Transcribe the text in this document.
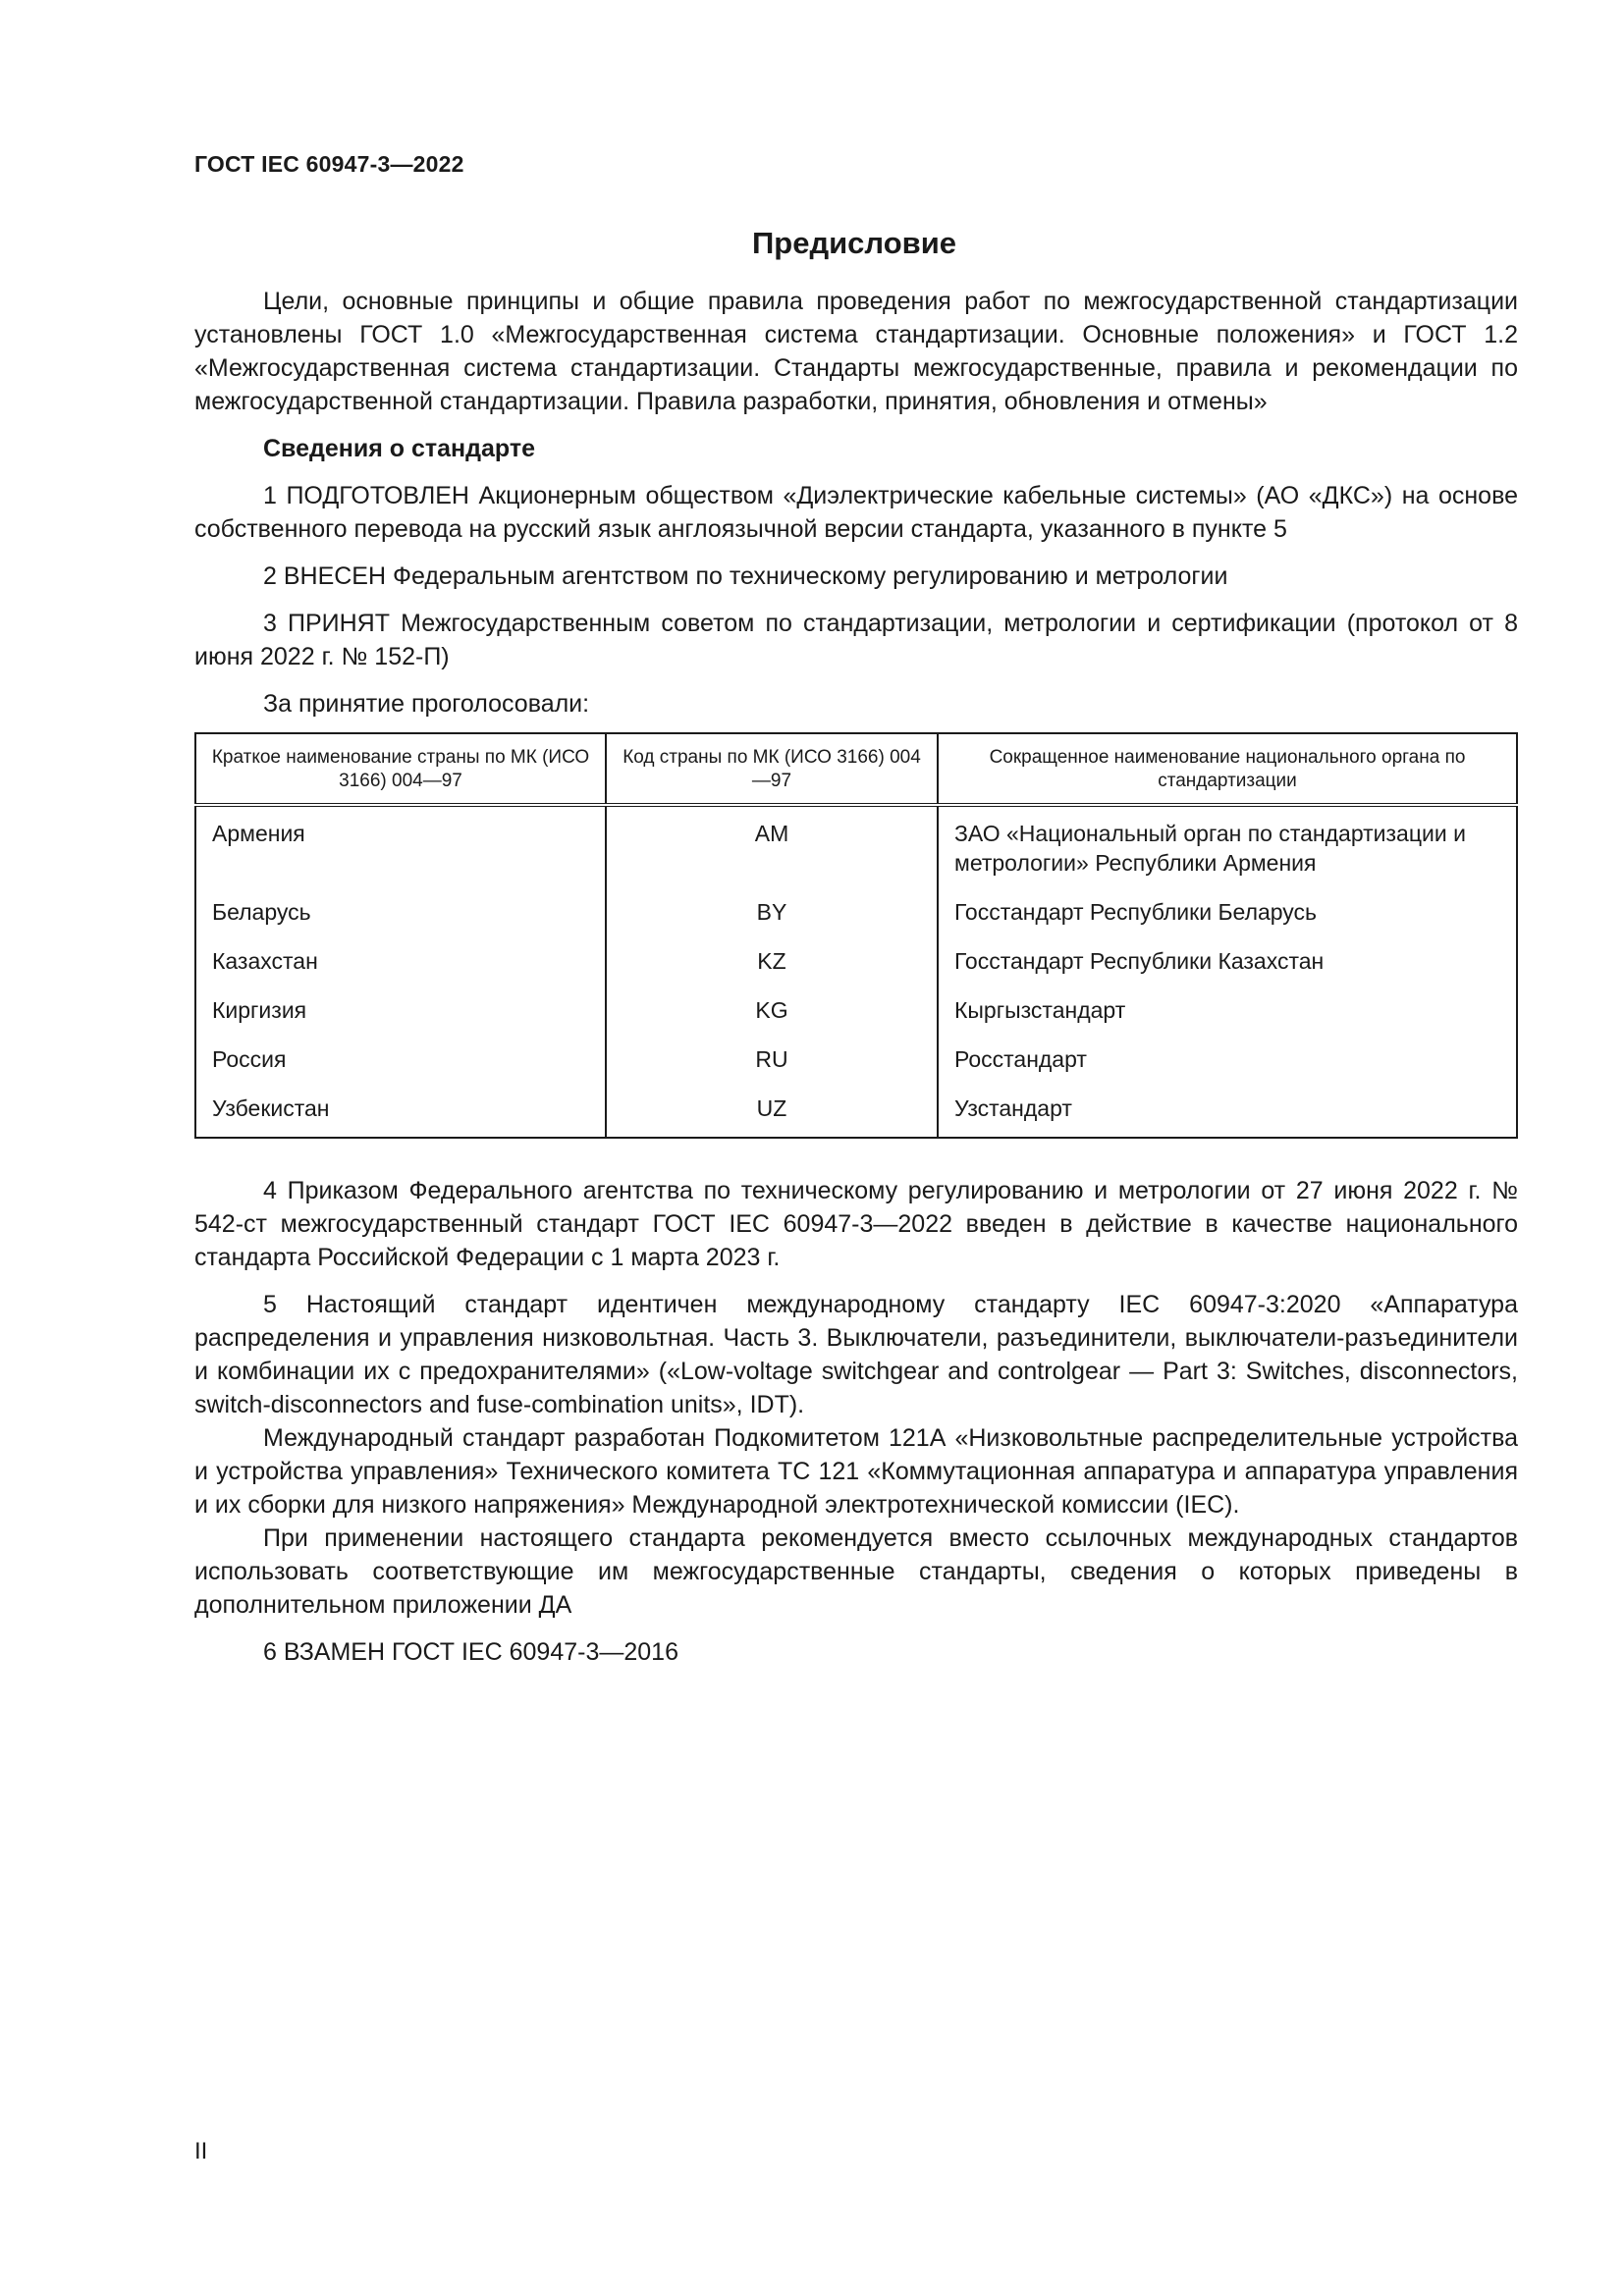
ГОСТ IEC 60947-3—2022
Предисловие

Цели, основные принципы и общие правила проведения работ по межгосударственной стандартизации установлены ГОСТ 1.0 «Межгосударственная система стандартизации. Основные положения» и ГОСТ 1.2 «Межгосударственная система стандартизации. Стандарты межгосударственные, правила и рекомендации по межгосударственной стандартизации. Правила разработки, принятия, обновления и отмены»

Сведения о стандарте

1 ПОДГОТОВЛЕН Акционерным обществом «Диэлектрические кабельные системы» (АО «ДКС») на основе собственного перевода на русский язык англоязычной версии стандарта, указанного в пункте 5

2 ВНЕСЕН Федеральным агентством по техническому регулированию и метрологии

3 ПРИНЯТ Межгосударственным советом по стандартизации, метрологии и сертификации (протокол от 8 июня 2022 г. № 152-П)

За принятие проголосовали:

Краткое наименование страны по МК (ИСО 3166) 004—97	Код страны по МК (ИСО 3166) 004—97	Сокращенное наименование национального органа по стандартизации
Армения	AM	ЗАО «Национальный орган по стандартизации и метрологии» Республики Армения
Беларусь	BY	Госстандарт Республики Беларусь
Казахстан	KZ	Госстандарт Республики Казахстан
Киргизия	KG	Кыргызстандарт
Россия	RU	Росстандарт
Узбекистан	UZ	Узстандарт

4 Приказом Федерального агентства по техническому регулированию и метрологии от 27 июня 2022 г. № 542-ст межгосударственный стандарт ГОСТ IEC 60947-3—2022 введен в действие в качестве национального стандарта Российской Федерации с 1 марта 2023 г.

5 Настоящий стандарт идентичен международному стандарту IEC 60947-3:2020 «Аппаратура распределения и управления низковольтная. Часть 3. Выключатели, разъединители, выключатели-разъединители и комбинации их с предохранителями» («Low-voltage switchgear and controlgear — Part 3: Switches, disconnectors, switch-disconnectors and fuse-combination units», IDT).

Международный стандарт разработан Подкомитетом 121А «Низковольтные распределительные устройства и устройства управления» Технического комитета ТС 121 «Коммутационная аппаратура и аппаратура управления и их сборки для низкого напряжения» Международной электротехнической комиссии (IEC).

При применении настоящего стандарта рекомендуется вместо ссылочных международных стандартов использовать соответствующие им межгосударственные стандарты, сведения о которых приведены в дополнительном приложении ДА

6 ВЗАМЕН ГОСТ IEC 60947-3—2016

II
